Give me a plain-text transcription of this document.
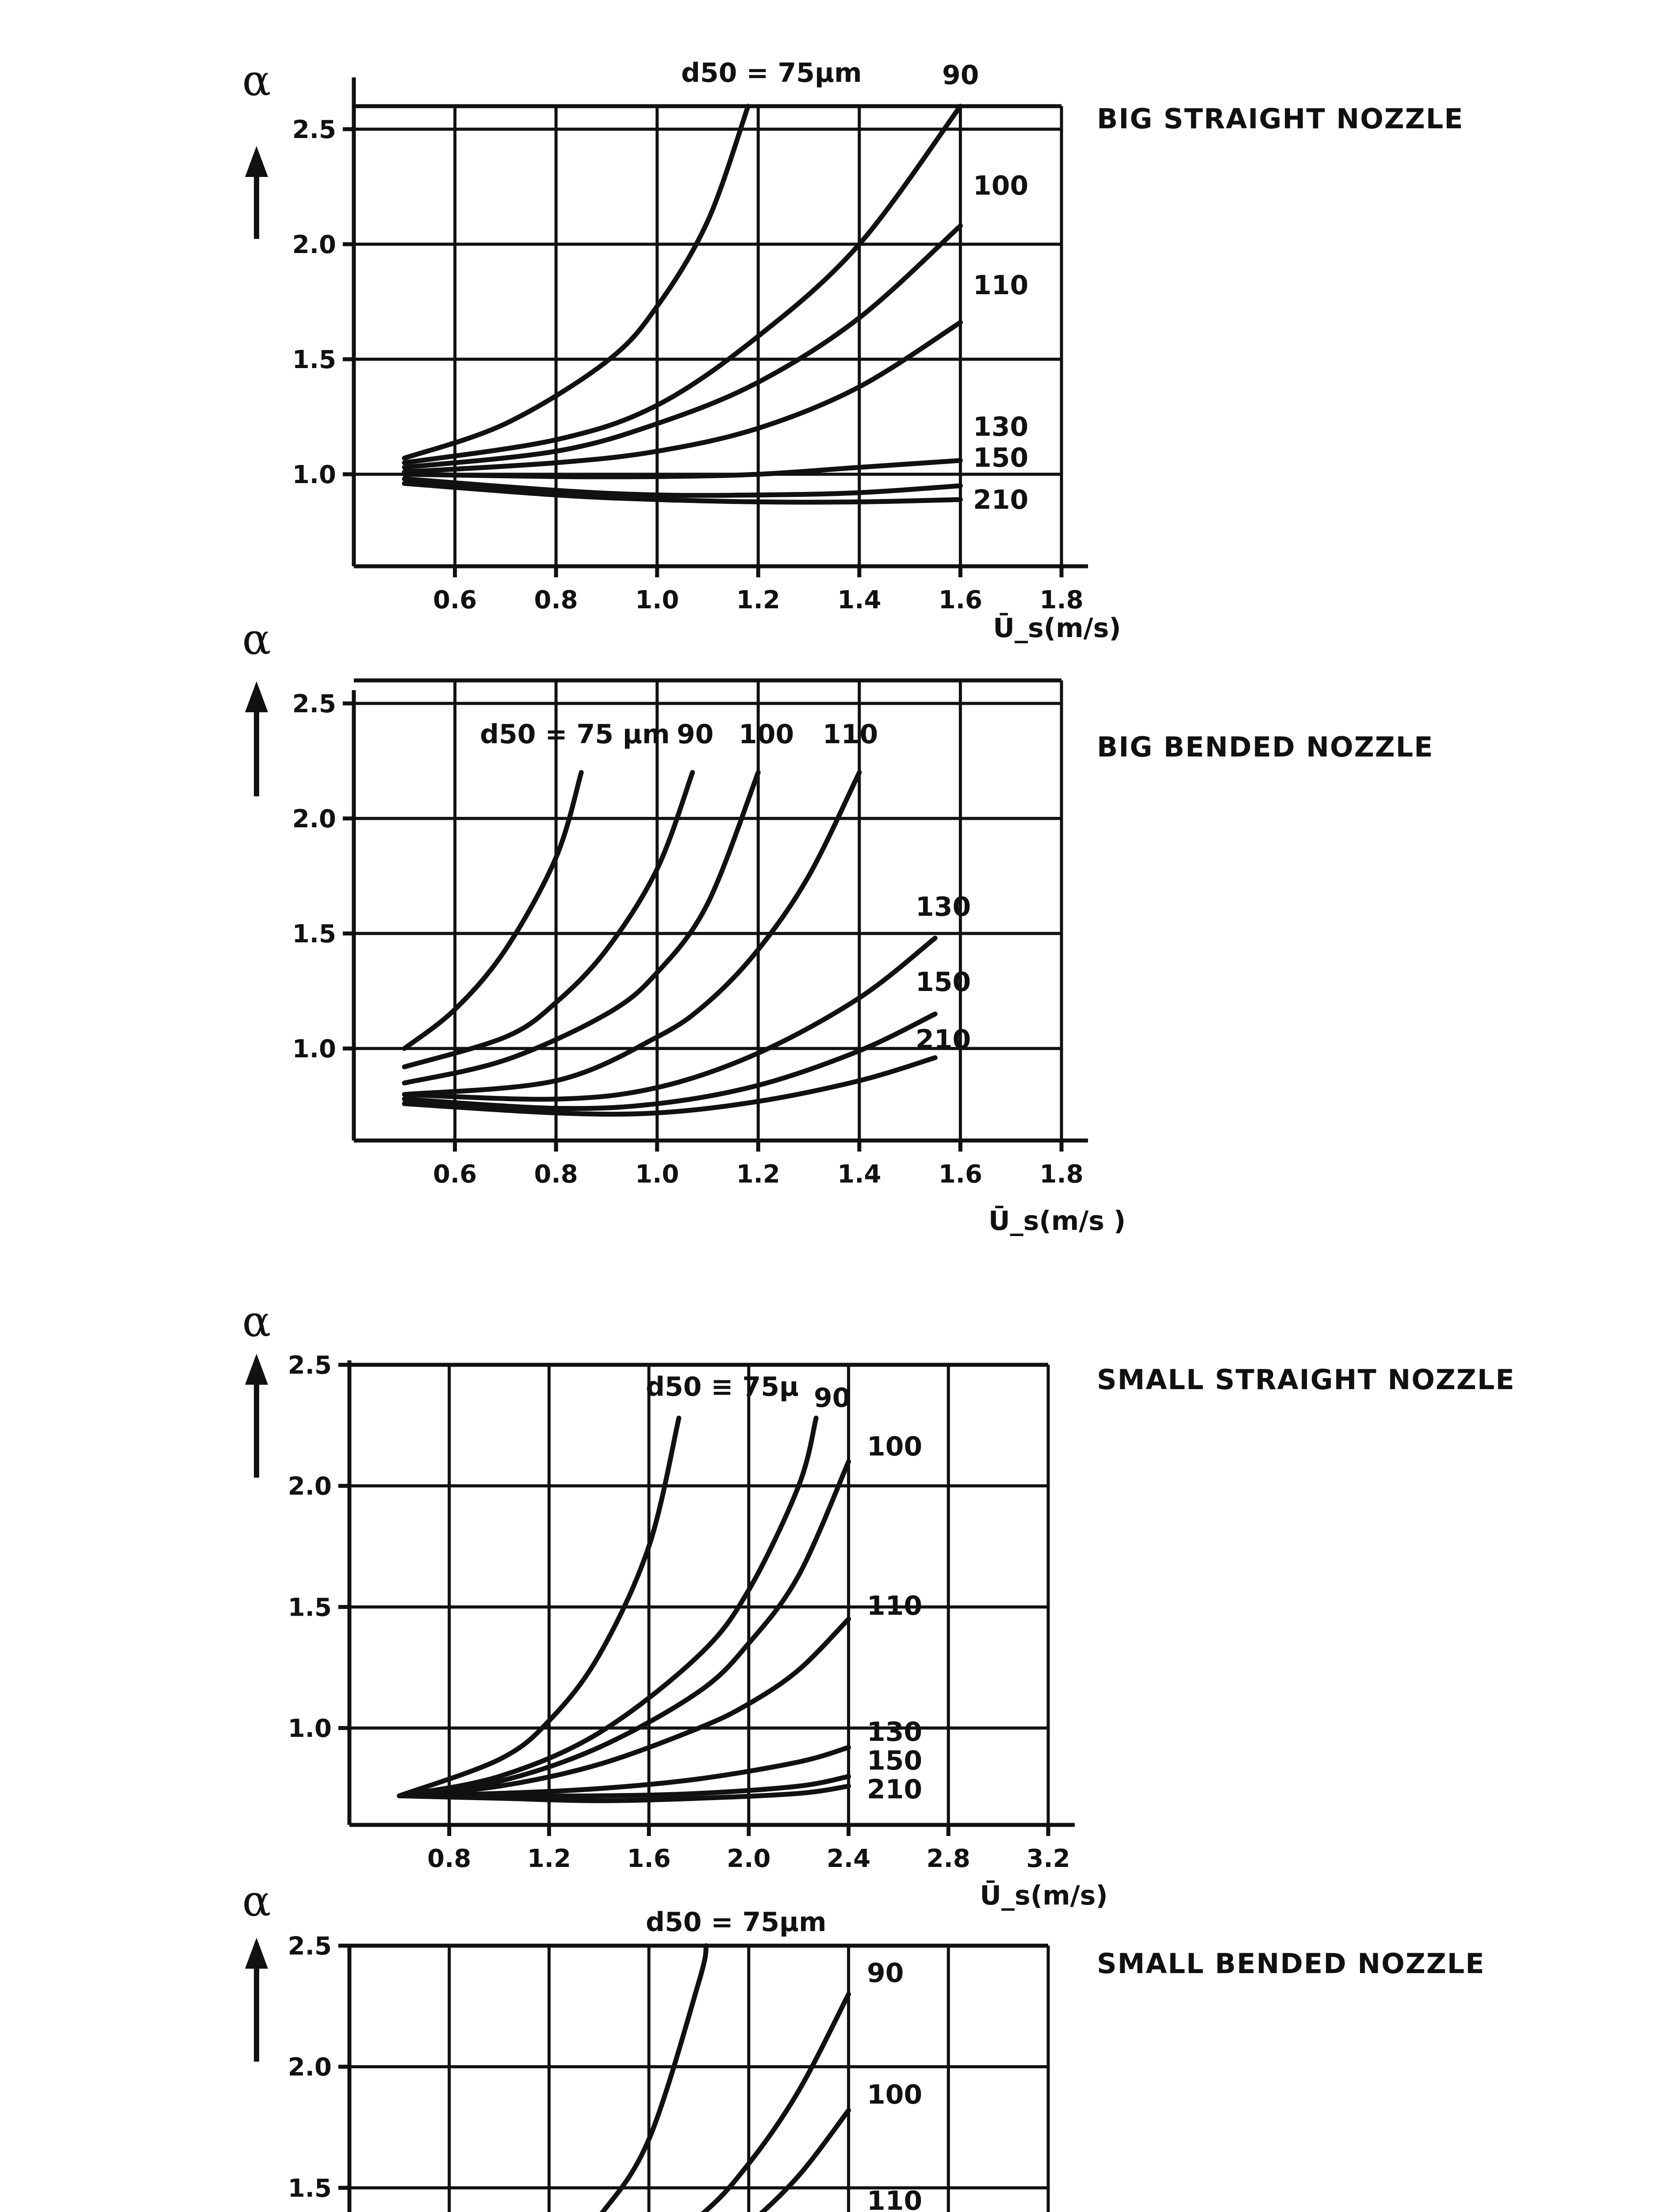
0.6 0.8 1.0 1.2 1.4 1.6 1.8
1.0
1.5
2.0
2.5
α
Ū_s(m/s)
BIG STRAIGHT NOZZLE
d50 = 75μm	90
100
110
130
150
210
0.6 0.8 1.0 1.2 1.4 1.6 1.8
1.0
1.5
2.0
2.5
α
Ū_s(m/s )
BIG BENDED NOZZLE
d50 = 75 μm 90 100 110
130
150
210
0.8 1.2 1.6 2.0 2.4 2.8 3.2
1.0
1.5
2.0
2.5
α
Ū_s(m/s)
SMALL STRAIGHT NOZZLE
d50 ≡ 75μ 90
100
110
130
150
210
1.5
2.0
2.5
α
SMALL BENDED NOZZLE
d50 = 75μm
90
100
110
